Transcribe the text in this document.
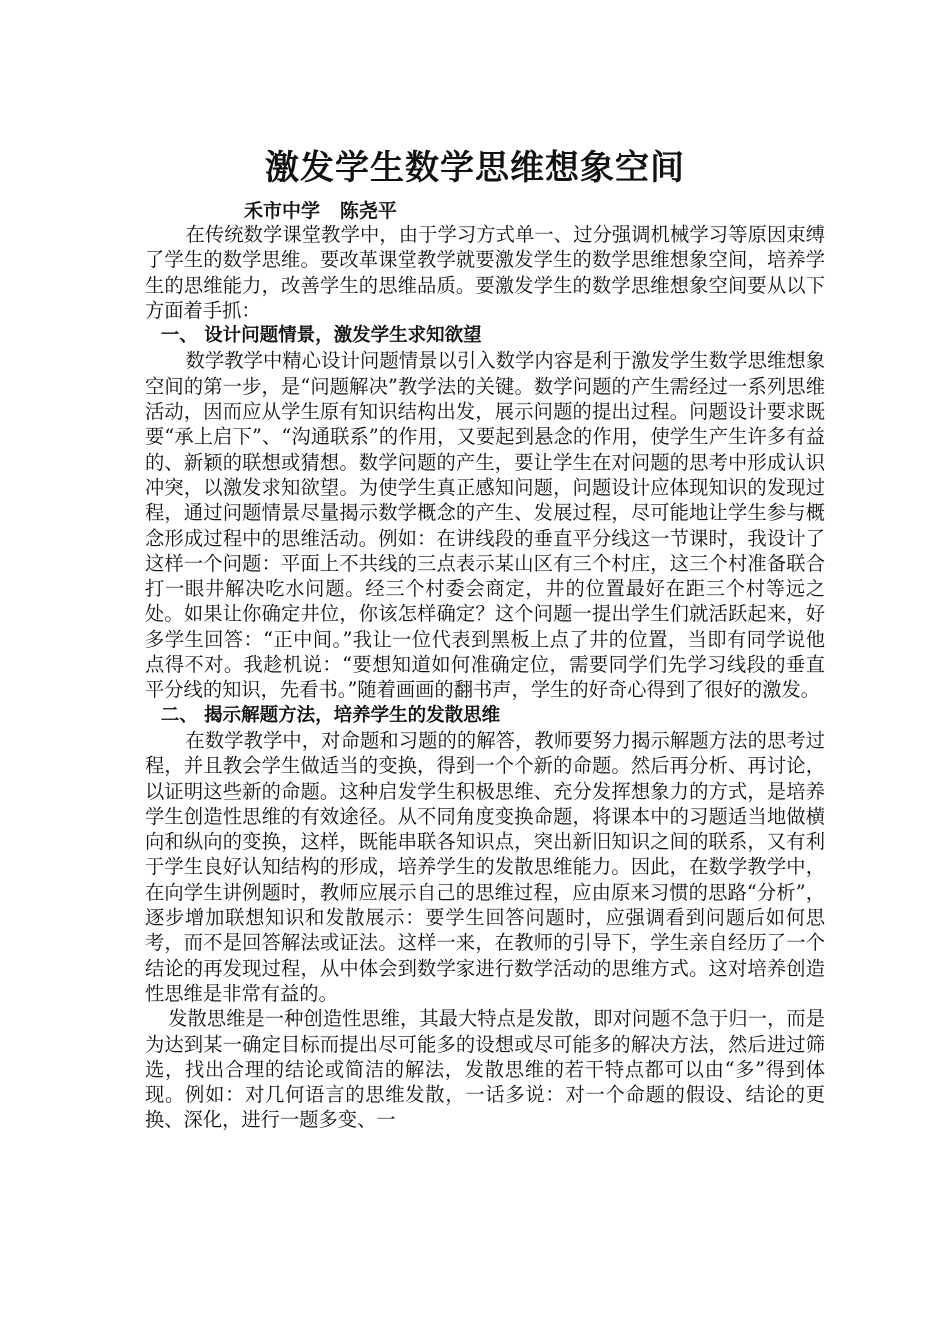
激发学生数学思维想象空间
禾市中学   陈尧平

在传统数学课堂教学中，由于学习方式单一、过分强调机械学习等原因束缚了学生的数学思维。要改革课堂教学就要激发学生的数学思维想象空间，培养学生的思维能力，改善学生的思维品质。要激发学生的数学思维想象空间要从以下方面着手抓：

一、 设计问题情景，激发学生求知欲望

数学教学中精心设计问题情景以引入数学内容是利于激发学生数学思维想象空间的第一步，是“问题解决”教学法的关键。数学问题的产生需经过一系列思维活动，因而应从学生原有知识结构出发，展示问题的提出过程。问题设计要求既要“承上启下”、“沟通联系”的作用，又要起到悬念的作用，使学生产生许多有益的、新颖的联想或猜想。数学问题的产生，要让学生在对问题的思考中形成认识冲突，以激发求知欲望。为使学生真正感知问题，问题设计应体现知识的发现过程，通过问题情景尽量揭示数学概念的产生、发展过程，尽可能地让学生参与概念形成过程中的思维活动。例如：在讲线段的垂直平分线这一节课时，我设计了这样一个问题：平面上不共线的三点表示某山区有三个村庄，这三个村准备联合打一眼井解决吃水问题。经三个村委会商定，井的位置最好在距三个村等远之处。如果让你确定井位，你该怎样确定？这个问题一提出学生们就活跃起来，好多学生回答：“正中间。”我让一位代表到黑板上点了井的位置，当即有同学说他点得不对。我趁机说：“要想知道如何准确定位，需要同学们先学习线段的垂直平分线的知识，先看书。”随着画画的翻书声，学生的好奇心得到了很好的激发。

二、 揭示解题方法，培养学生的发散思维

在数学教学中，对命题和习题的的解答，教师要努力揭示解题方法的思考过程，并且教会学生做适当的变换，得到一个个新的命题。然后再分析、再讨论，以证明这些新的命题。这种启发学生积极思维、充分发挥想象力的方式，是培养学生创造性思维的有效途径。从不同角度变换命题，将课本中的习题适当地做横向和纵向的变换，这样，既能串联各知识点，突出新旧知识之间的联系，又有利于学生良好认知结构的形成，培养学生的发散思维能力。因此，在数学教学中，在向学生讲例题时，教师应展示自己的思维过程，应由原来习惯的思路“分析”，逐步增加联想知识和发散展示：要学生回答问题时，应强调看到问题后如何思考，而不是回答解法或证法。这样一来，在教师的引导下，学生亲自经历了一个结论的再发现过程，从中体会到数学家进行数学活动的思维方式。这对培养创造性思维是非常有益的。

发散思维是一种创造性思维，其最大特点是发散，即对问题不急于归一，而是为达到某一确定目标而提出尽可能多的设想或尽可能多的解决方法，然后进过筛选，找出合理的结论或简洁的解法，发散思维的若干特点都可以由“多”得到体现。例如：对几何语言的思维发散，一话多说：对一个命题的假设、结论的更换、深化，进行一题多变、一
